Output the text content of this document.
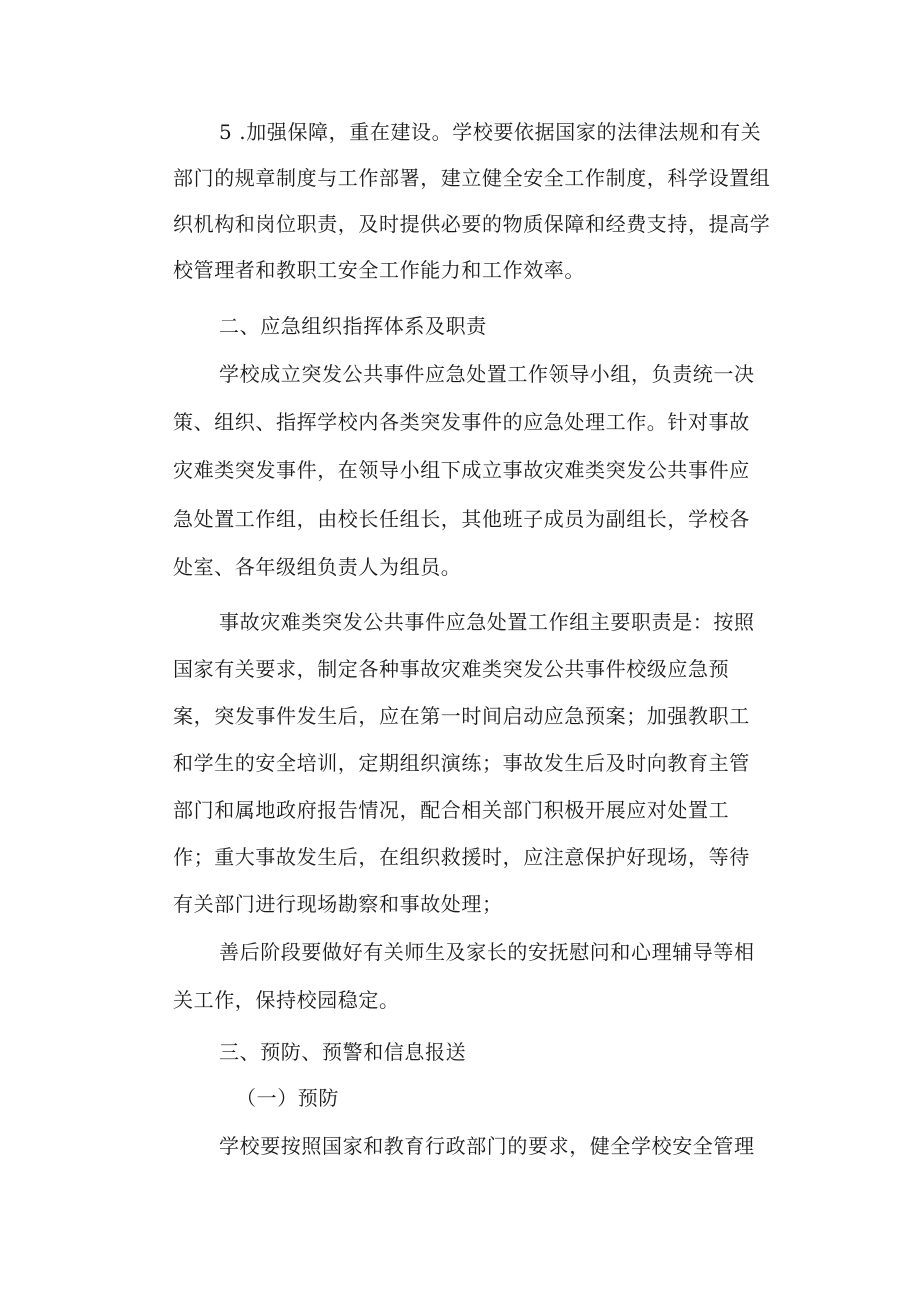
5 .加强保障，重在建设。学校要依据国家的法律法规和有关
部门的规章制度与工作部署，建立健全安全工作制度，科学设置组
织机构和岗位职责，及时提供必要的物质保障和经费支持，提高学
校管理者和教职工安全工作能力和工作效率。
二、应急组织指挥体系及职责
学校成立突发公共事件应急处置工作领导小组，负责统一决
策、组织、指挥学校内各类突发事件的应急处理工作。针对事故
灾难类突发事件，在领导小组下成立事故灾难类突发公共事件应
急处置工作组，由校长任组长，其他班子成员为副组长，学校各
处室、各年级组负责人为组员。
事故灾难类突发公共事件应急处置工作组主要职责是：按照
国家有关要求，制定各种事故灾难类突发公共事件校级应急预
案，突发事件发生后，应在第一时间启动应急预案；加强教职工
和学生的安全培训，定期组织演练；事故发生后及时向教育主管
部门和属地政府报告情况，配合相关部门积极开展应对处置工
作；重大事故发生后，在组织救援时，应注意保护好现场，等待
有关部门进行现场勘察和事故处理；
善后阶段要做好有关师生及家长的安抚慰问和心理辅导等相
关工作，保持校园稳定。
三、预防、预警和信息报送
（一）预防
学校要按照国家和教育行政部门的要求，健全学校安全管理
